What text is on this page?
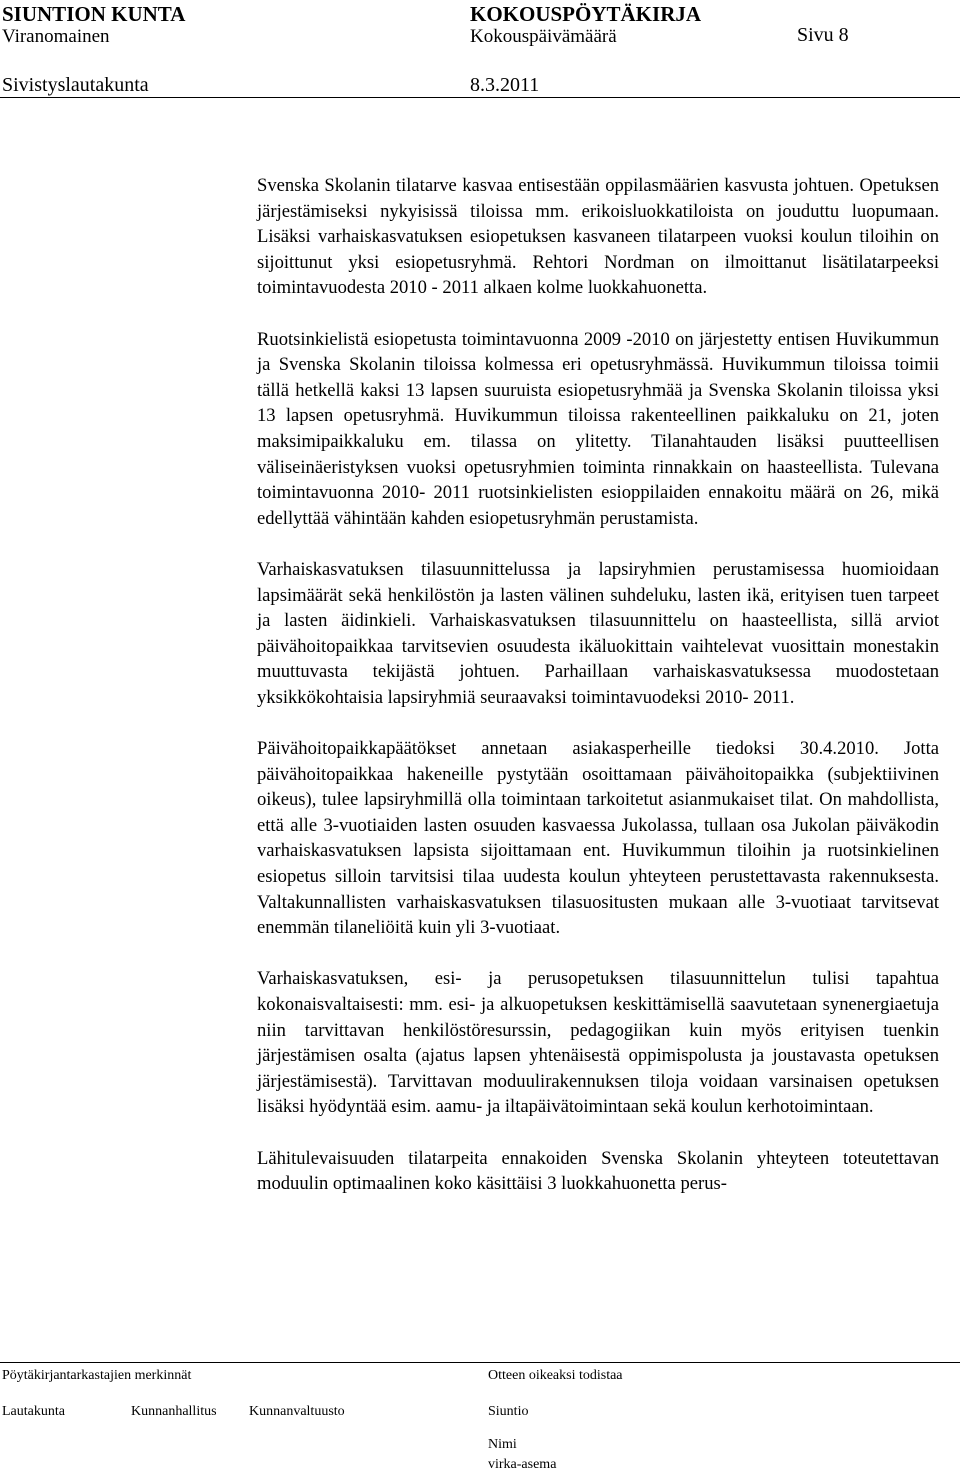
SIUNTION KUNTA	KOKOUSPÖYTÄKIRJA
Viranomainen	Kokouspäivämäärä	Sivu 8
Sivistyslautakunta	8.3.2011

Svenska Skolanin tilatarve kasvaa entisestään oppilasmäärien kasvusta johtuen. Opetuksen järjestämiseksi nykyisissä tiloissa mm. erikoisluokkatiloista on jouduttu luopumaan. Lisäksi varhaiskasvatuksen esiopetuksen kasvaneen tilatarpeen vuoksi koulun tiloihin on sijoittunut yksi esiopetusryhmä. Rehtori Nordman on ilmoittanut lisätilatarpeeksi toimintavuodesta 2010 - 2011 alkaen kolme luokkahuonetta.

Ruotsinkielistä esiopetusta toimintavuonna 2009 -2010 on järjestetty entisen Huvikummun ja Svenska Skolanin tiloissa kolmessa eri opetusryhmässä. Huvikummun tiloissa toimii tällä hetkellä kaksi 13 lapsen suuruista esiopetusryhmää ja Svenska Skolanin tiloissa yksi 13 lapsen opetusryhmä. Huvikummun tiloissa rakenteellinen paikkaluku on 21, joten maksimipaikkaluku em. tilassa on ylitetty. Tilanahtauden lisäksi puutteellisen väliseinäeristyksen vuoksi opetusryhmien toiminta rinnakkain on haasteellista. Tulevana toimintavuonna 2010- 2011 ruotsinkielisten esioppilaiden ennakoitu määrä on 26, mikä edellyttää vähintään kahden esiopetusryhmän perustamista.

Varhaiskasvatuksen tilasuunnittelussa ja lapsiryhmien perustamisessa huomioidaan lapsimäärät sekä henkilöstön ja lasten välinen suhdeluku, lasten ikä, erityisen tuen tarpeet ja lasten äidinkieli. Varhaiskasvatuksen tilasuunnittelu on haasteellista, sillä arviot päivähoitopaikkaa tarvitsevien osuudesta ikäluokittain vaihtelevat vuosittain monestakin muuttuvasta tekijästä johtuen. Parhaillaan varhaiskasvatuksessa muodostetaan yksikkökohtaisia lapsiryhmiä seuraavaksi toimintavuodeksi 2010- 2011.

Päivähoitopaikkapäätökset annetaan asiakasperheille tiedoksi 30.4.2010. Jotta päivähoitopaikkaa hakeneille pystytään osoittamaan päivähoitopaikka (subjektiivinen oikeus), tulee lapsiryhmillä olla toimintaan tarkoitetut asianmukaiset tilat. On mahdollista, että alle 3-vuotiaiden lasten osuuden kasvaessa Jukolassa, tullaan osa Jukolan päiväkodin varhaiskasvatuksen lapsista sijoittamaan ent. Huvikummun tiloihin ja ruotsinkielinen esiopetus silloin tarvitsisi tilaa uudesta koulun yhteyteen perustettavasta rakennuksesta. Valtakunnallisten varhaiskasvatuksen tilasuositusten mukaan alle 3-vuotiaat tarvitsevat enemmän tilaneliöitä kuin yli 3-vuotiaat.

Varhaiskasvatuksen, esi- ja perusopetuksen tilasuunnittelun tulisi tapahtua kokonaisvaltaisesti: mm. esi- ja alkuopetuksen keskittämisellä saavutetaan synenergiaetuja niin tarvittavan henkilöstöresurssin, pedagogiikan kuin myös erityisen tuenkin järjestämisen osalta (ajatus lapsen yhtenäisestä oppimispolusta ja joustavasta opetuksen järjestämisestä). Tarvittavan moduulirakennuksen tiloja voidaan varsinaisen opetuksen lisäksi hyödyntää esim. aamu- ja iltapäivätoimintaan sekä koulun kerhotoimintaan.

Lähitulevaisuuden tilatarpeita ennakoiden Svenska Skolanin yhteyteen toteutettavan moduulin optimaalinen koko käsittäisi 3 luokkahuonetta perus-

Pöytäkirjantarkastajien merkinnät	Otteen oikeaksi todistaa
Lautakunta	Kunnanhallitus Kunnanvaltuusto	Siuntio
Nimi
virka-asema
